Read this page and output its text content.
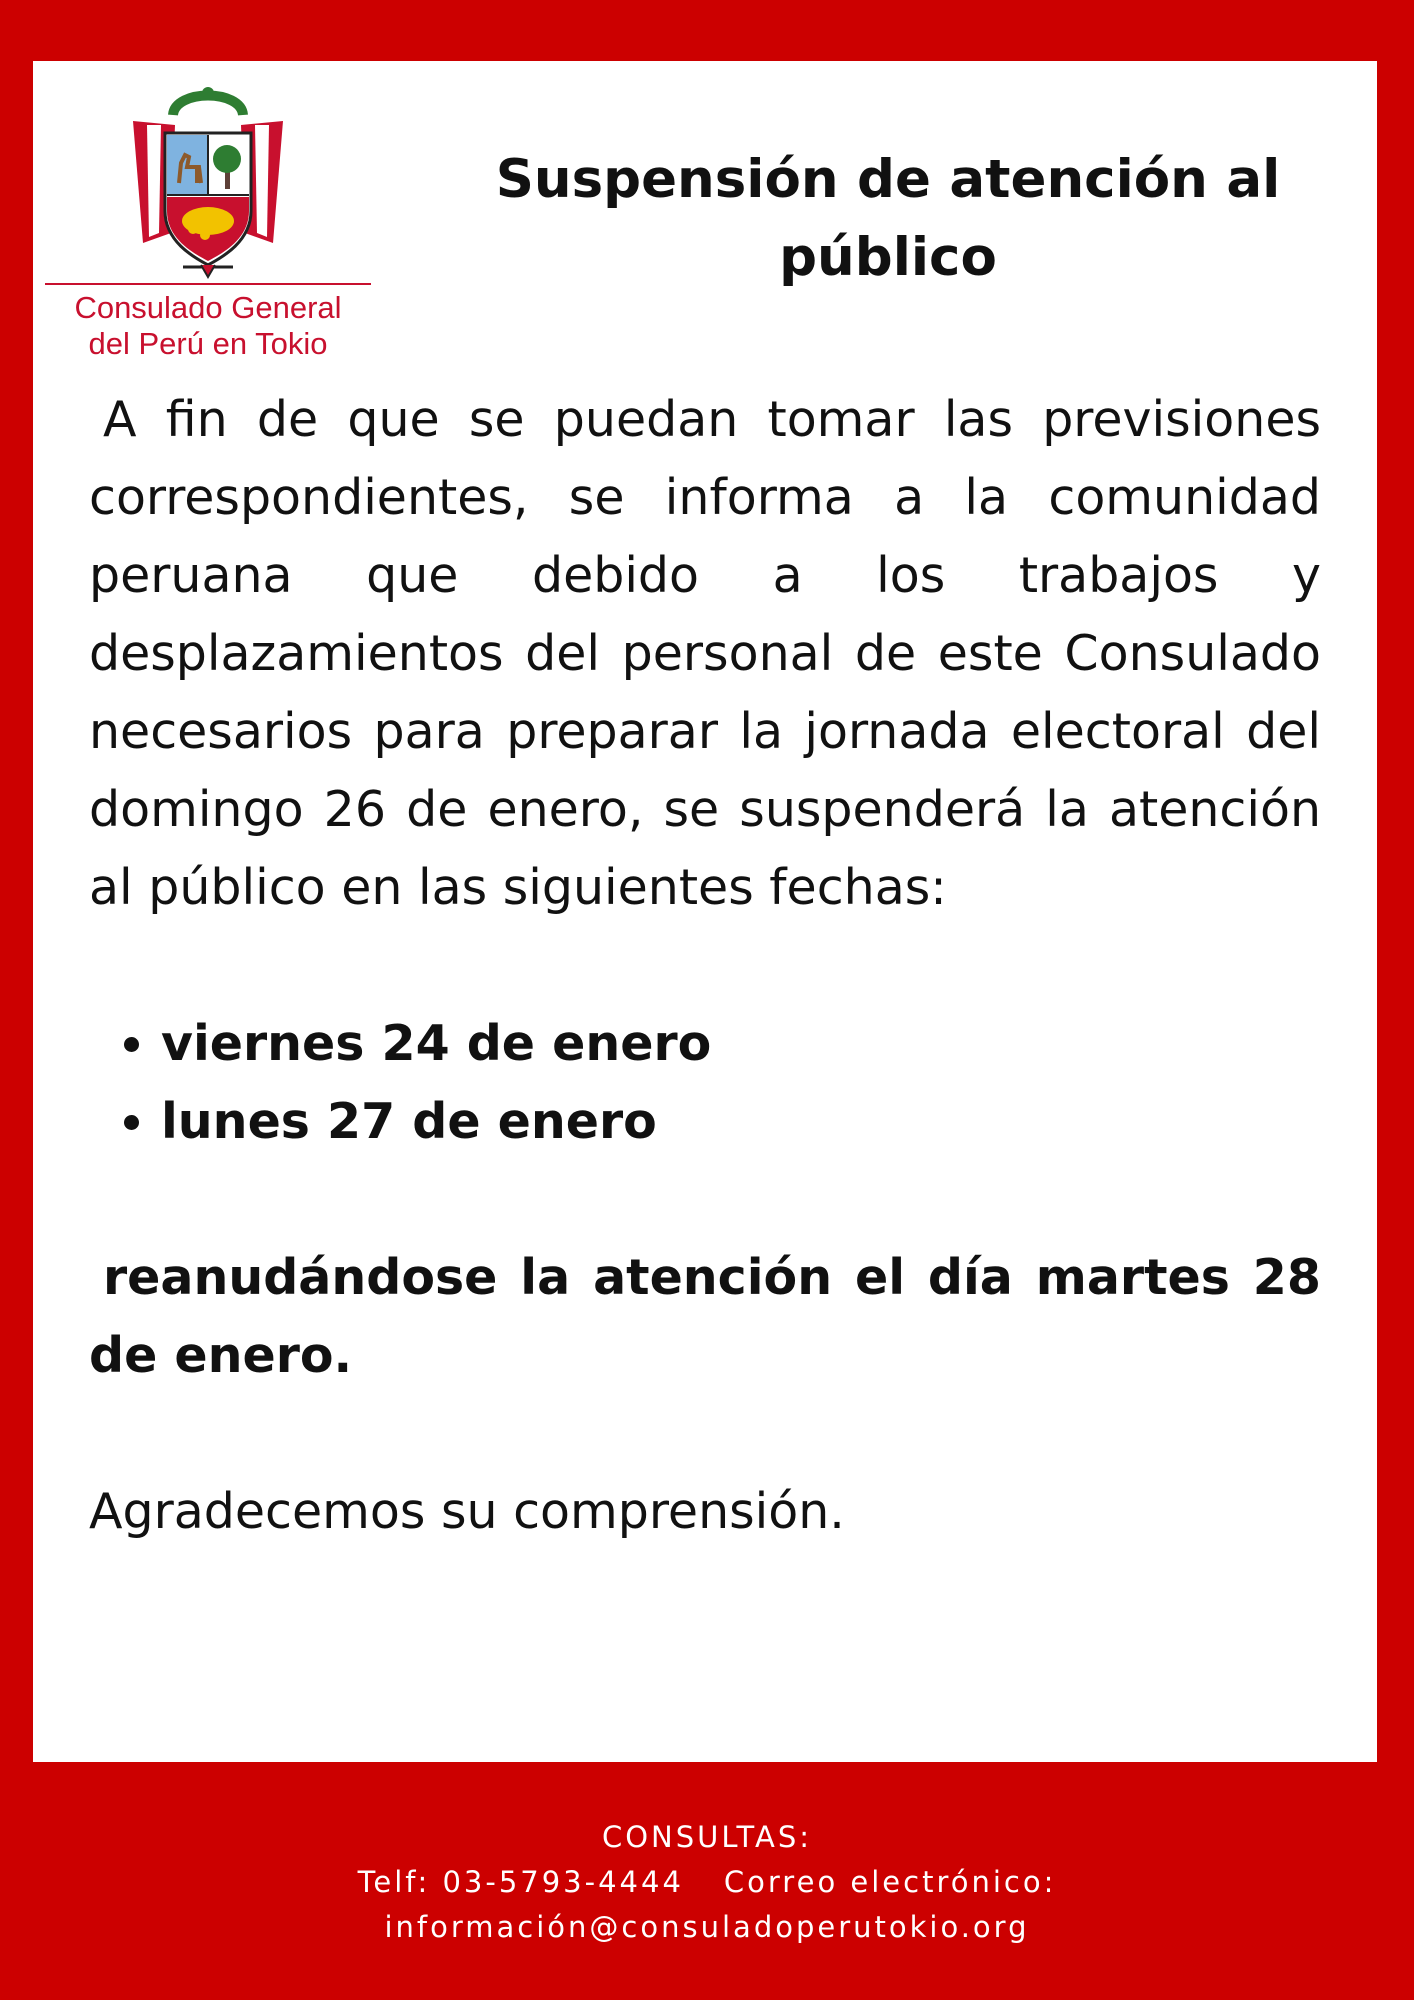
Consulado General
del Perú en Tokio
Suspensión de atención al público

A fin de que se puedan tomar las previsiones correspondientes, se informa a la comunidad peruana que debido a los trabajos y desplazamientos del personal de este Consulado necesarios para preparar la jornada electoral del domingo 26 de enero, se suspenderá la atención al público en las siguientes fechas:

• viernes 24 de enero
• lunes 27 de enero

reanudándose la atención el día martes 28 de enero.

Agradecemos su comprensión.

CONSULTAS:
Telf: 03-5793-4444 Correo electrónico:
información@consuladoperutokio.org
